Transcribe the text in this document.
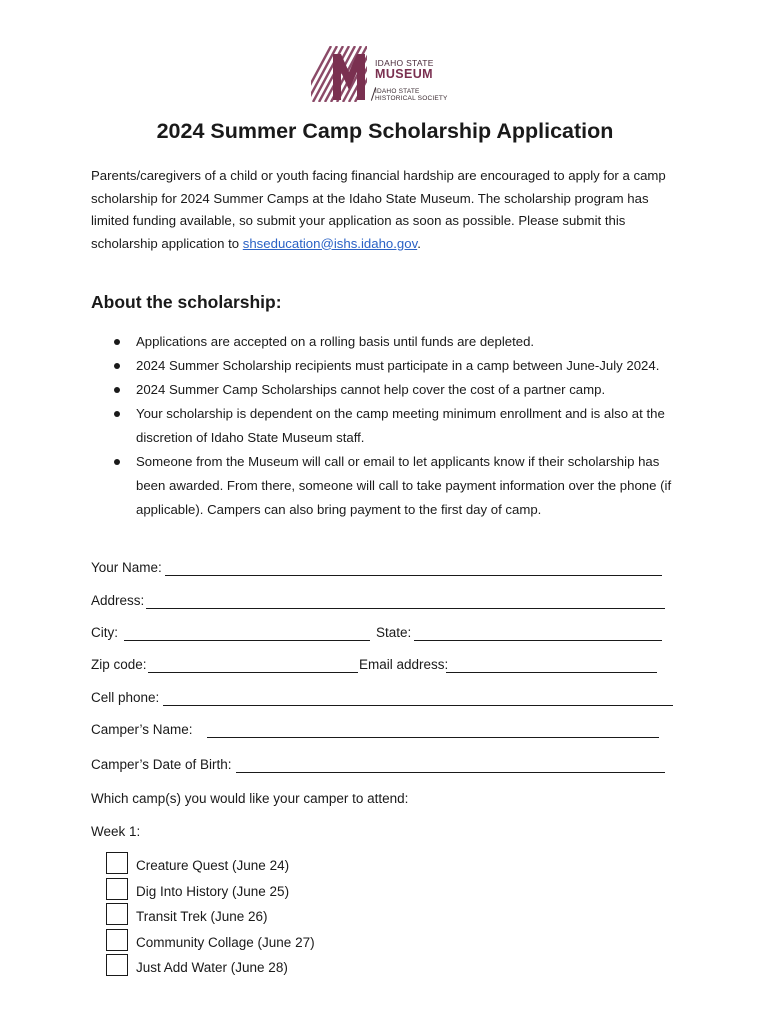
IDAHO STATE
MUSEUM
IDAHO STATE
HISTORICAL SOCIETY
2024 Summer Camp Scholarship Application

Parents/caregivers of a child or youth facing financial hardship are encouraged to apply for a camp scholarship for 2024 Summer Camps at the Idaho State Museum. The scholarship program has limited funding available, so submit your application as soon as possible. Please submit this scholarship application to shseducation@ishs.idaho.gov.

About the scholarship:
Applications are accepted on a rolling basis until funds are depleted.
2024 Summer Scholarship recipients must participate in a camp between June-July 2024.
2024 Summer Camp Scholarships cannot help cover the cost of a partner camp.
Your scholarship is dependent on the camp meeting minimum enrollment and is also at the discretion of Idaho State Museum staff.
Someone from the Museum will call or email to let applicants know if their scholarship has been awarded. From there, someone will call to take payment information over the phone (if applicable). Campers can also bring payment to the first day of camp.
Your Name:
Address:
City:	State:
Zip code:	Email address:
Cell phone:
Camper’s Name:
Camper’s Date of Birth:
Which camp(s) you would like your camper to attend:
Week 1:
Creature Quest (June 24)
Dig Into History (June 25)
Transit Trek (June 26)
Community Collage (June 27)
Just Add Water (June 28)
